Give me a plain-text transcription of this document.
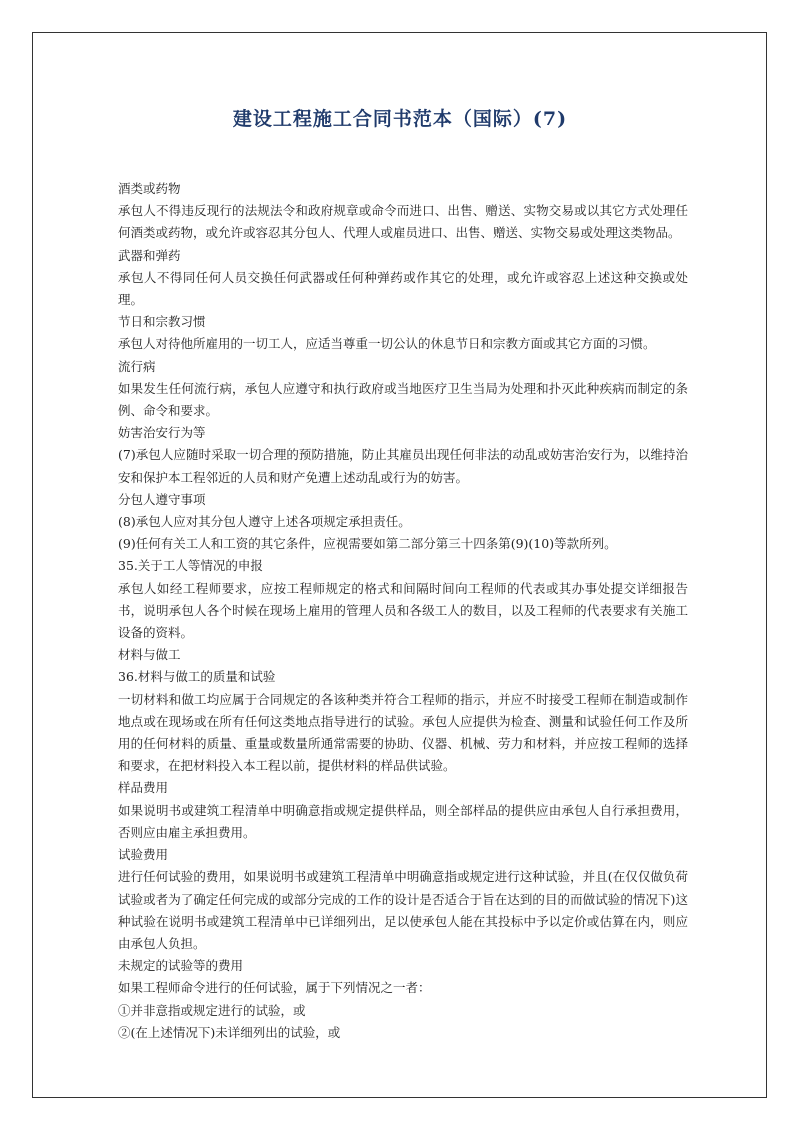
建设工程施工合同书范本（国际）(7)

酒类或药物

承包人不得违反现行的法规法令和政府规章或命令而进口、出售、赠送、实物交易或以其它方式处理任何酒类或药物，或允许或容忍其分包人、代理人或雇员进口、出售、赠送、实物交易或处理这类物品。

武器和弹药

承包人不得同任何人员交换任何武器或任何种弹药或作其它的处理，或允许或容忍上述这种交换或处理。

节日和宗教习惯

承包人对待他所雇用的一切工人，应适当尊重一切公认的休息节日和宗教方面或其它方面的习惯。

流行病

如果发生任何流行病，承包人应遵守和执行政府或当地医疗卫生当局为处理和扑灭此种疾病而制定的条例、命令和要求。

妨害治安行为等

(7)承包人应随时采取一切合理的预防措施，防止其雇员出现任何非法的动乱或妨害治安行为，以维持治安和保护本工程邻近的人员和财产免遭上述动乱或行为的妨害。

分包人遵守事项

(8)承包人应对其分包人遵守上述各项规定承担责任。

(9)任何有关工人和工资的其它条件，应视需要如第二部分第三十四条第(9)(10)等款所列。

35.关于工人等情况的申报

承包人如经工程师要求，应按工程师规定的格式和间隔时间向工程师的代表或其办事处提交详细报告书，说明承包人各个时候在现场上雇用的管理人员和各级工人的数目，以及工程师的代表要求有关施工设备的资料。

材料与做工

36.材料与做工的质量和试验

一切材料和做工均应属于合同规定的各该种类并符合工程师的指示，并应不时接受工程师在制造或制作地点或在现场或在所有任何这类地点指导进行的试验。承包人应提供为检查、测量和试验任何工作及所用的任何材料的质量、重量或数量所通常需要的协助、仪器、机械、劳力和材料，并应按工程师的选择和要求，在把材料投入本工程以前，提供材料的样品供试验。

样品费用

如果说明书或建筑工程清单中明确意指或规定提供样品，则全部样品的提供应由承包人自行承担费用，否则应由雇主承担费用。

试验费用

进行任何试验的费用，如果说明书或建筑工程清单中明确意指或规定进行这种试验，并且(在仅仅做负荷试验或者为了确定任何完成的或部分完成的工作的设计是否适合于旨在达到的目的而做试验的情况下)这种试验在说明书或建筑工程清单中已详细列出，足以使承包人能在其投标中予以定价或估算在内，则应由承包人负担。

未规定的试验等的费用

如果工程师命令进行的任何试验，属于下列情况之一者：

①并非意指或规定进行的试验，或

②(在上述情况下)未详细列出的试验，或
